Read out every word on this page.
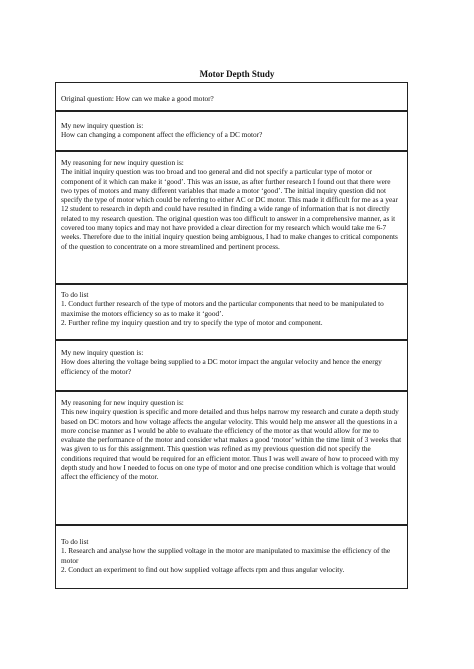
Motor Depth Study

Original question: How can we make a good motor?

My new inquiry question is:
How can changing a component affect the efficiency of a DC motor?

My reasoning for new inquiry question is:
The initial inquiry question was too broad and too general and did not specify a particular type of motor or component of it which can make it ‘good’. This was an issue, as after further research I found out that there were two types of motors and many different variables that made a motor ‘good’. The initial inquiry question did not specify the type of motor which could be referring to either AC or DC motor. This made it difficult for me as a year 12 student to research in depth and could have resulted in finding a wide range of information that is not directly related to my research question. The original question was too difficult to answer in a comprehensive manner, as it covered too many topics and may not have provided a clear direction for my research which would take me 6-7 weeks. Therefore due to the initial inquiry question being ambiguous, I had to make changes to critical components of the question to concentrate on a more streamlined and pertinent process.

To do list
1. Conduct further research of the type of motors and the particular components that need to be manipulated to maximise the motors efficiency so as to make it ‘good’.
2. Further refine my inquiry question and try to specify the type of motor and component.

My new inquiry question is:
How does altering the voltage being supplied to a DC motor impact the angular velocity and hence the energy efficiency of the motor?

My reasoning for new inquiry question is:
This new inquiry question is specific and more detailed and thus helps narrow my research and curate a depth study based on DC motors and how voltage affects the angular velocity. This would help me answer all the questions in a more concise manner as I would be able to evaluate the efficiency of the motor as that would allow for me to evaluate the performance of the motor and consider what makes a good ‘motor’ within the time limit of 3 weeks that was given to us for this assignment. This question was refined as my previous question did not specify the conditions required that would be required for an efficient motor. Thus I was well aware of how to proceed with my depth study and how I needed to focus on one type of motor and one precise condition which is voltage that would affect the efficiency of the motor.

To do list
1. Research and analyse how the supplied voltage in the motor are manipulated to maximise the efficiency of the motor
2. Conduct an experiment to find out how supplied voltage affects rpm and thus angular velocity.
